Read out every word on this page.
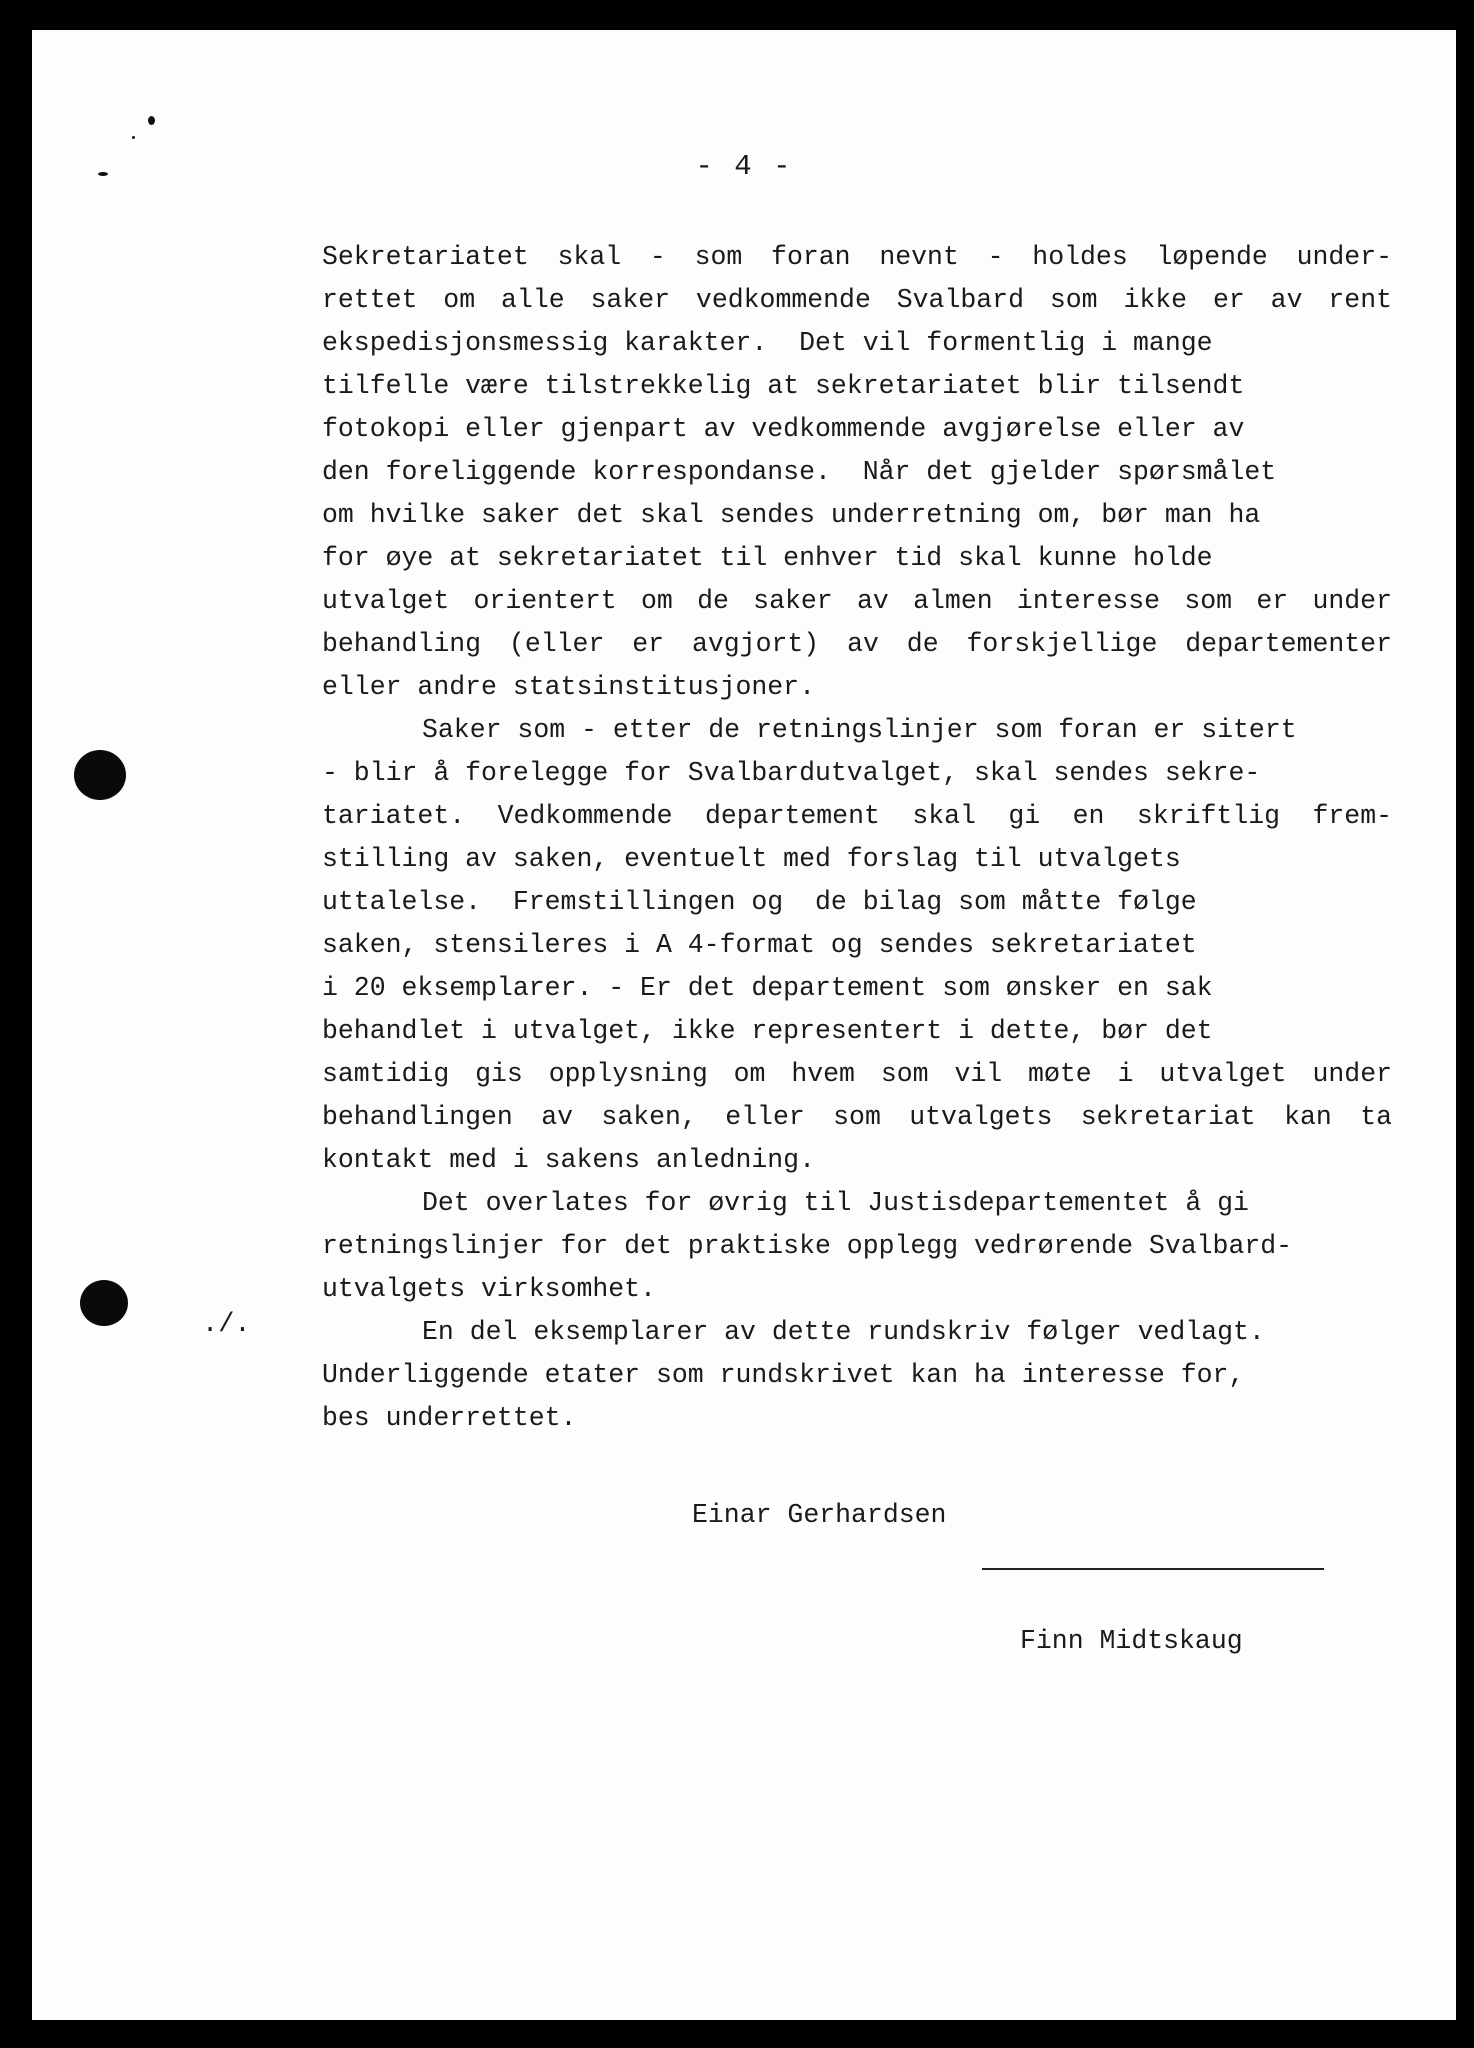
- 4 -
Sekretariatet skal - som foran nevnt - holdes løpende under-
rettet om alle saker vedkommende Svalbard som ikke er av rent
ekspedisjonsmessig karakter.  Det vil formentlig i mange
tilfelle være tilstrekkelig at sekretariatet blir tilsendt
fotokopi eller gjenpart av vedkommende avgjørelse eller av
den foreliggende korrespondanse.  Når det gjelder spørsmålet
om hvilke saker det skal sendes underretning om, bør man ha
for øye at sekretariatet til enhver tid skal kunne holde
utvalget orientert om de saker av almen interesse som er under
behandling (eller er avgjort) av de forskjellige departementer
eller andre statsinstitusjoner.
Saker som - etter de retningslinjer som foran er sitert
- blir å forelegge for Svalbardutvalget, skal sendes sekre-
tariatet. Vedkommende departement skal gi en skriftlig frem-
stilling av saken, eventuelt med forslag til utvalgets
uttalelse.  Fremstillingen og  de bilag som måtte følge
saken, stensileres i A 4-format og sendes sekretariatet
i 20 eksemplarer. - Er det departement som ønsker en sak
behandlet i utvalget, ikke representert i dette, bør det
samtidig gis opplysning om hvem som vil møte i utvalget under
behandlingen av saken, eller som utvalgets sekretariat kan ta
kontakt med i sakens anledning.
Det overlates for øvrig til Justisdepartementet å gi
retningslinjer for det praktiske opplegg vedrørende Svalbard-
utvalgets virksomhet.
En del eksemplarer av dette rundskriv følger vedlagt.
Underliggende etater som rundskrivet kan ha interesse for,
bes underrettet.
./.
Einar Gerhardsen
Finn Midtskaug
